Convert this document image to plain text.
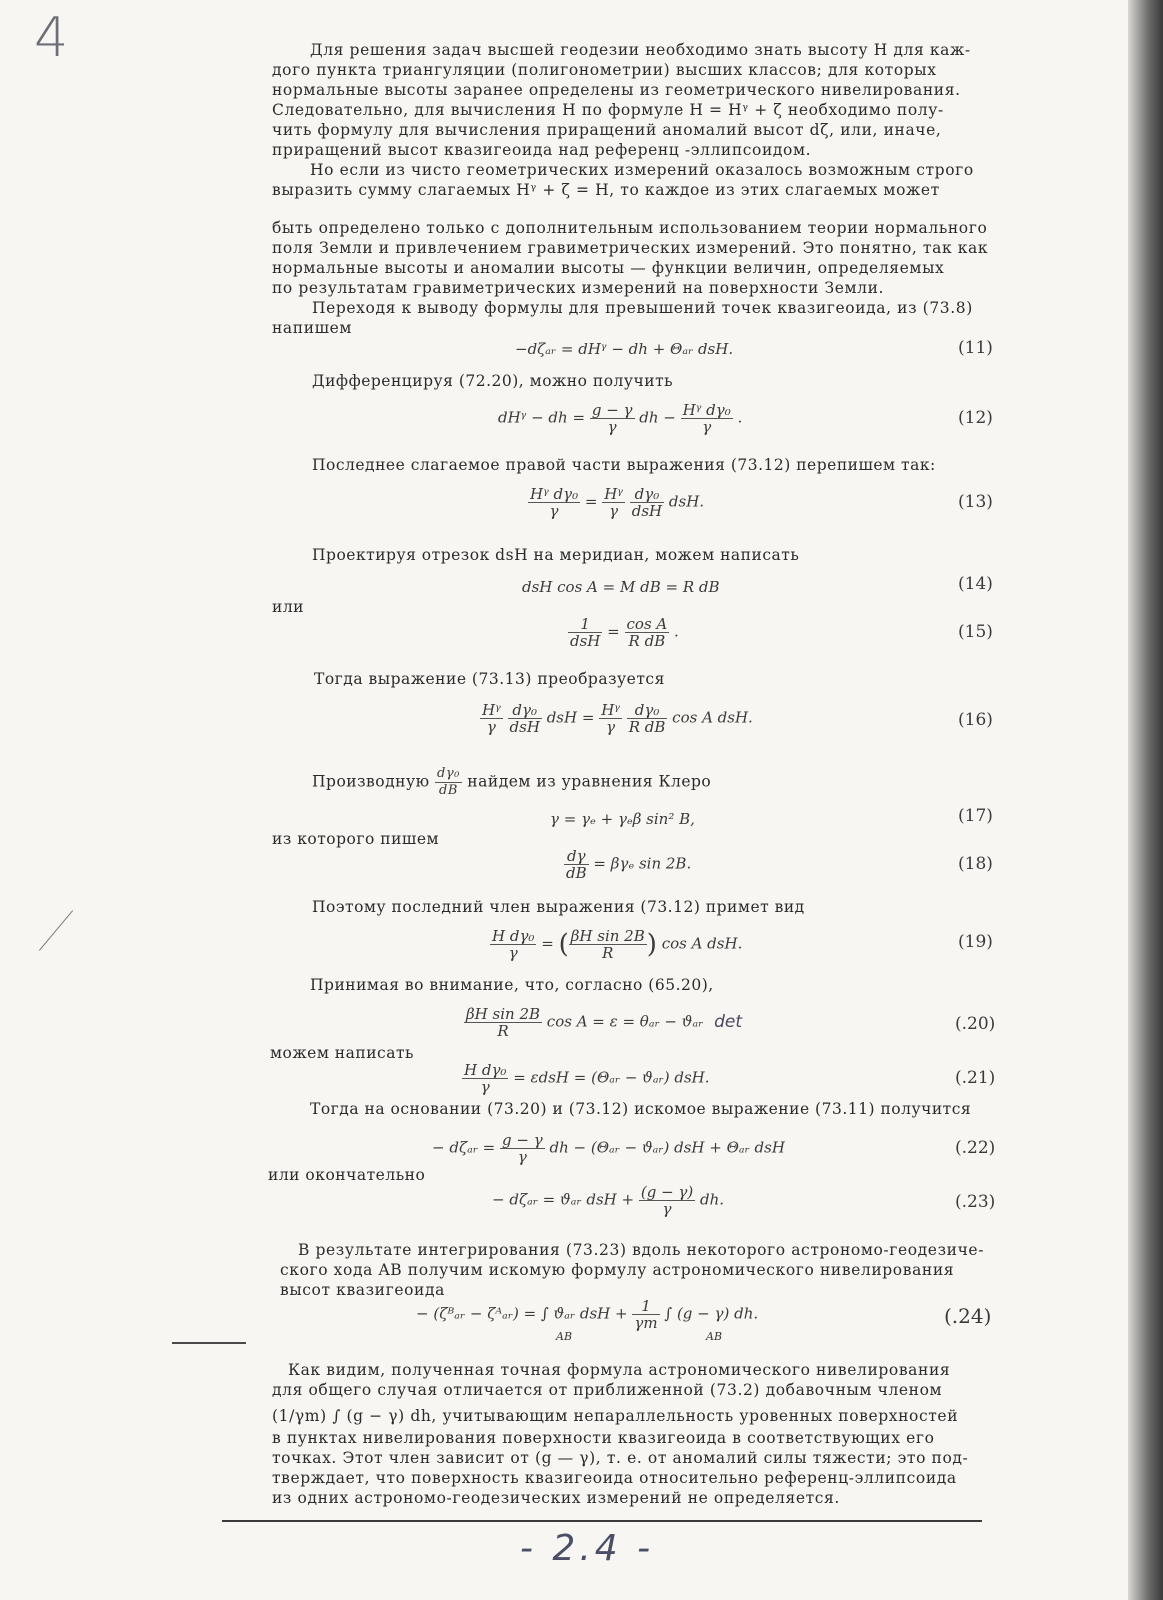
4	Для решения задач высшей геодезии необходимо знать высоту H для каж-
дого пункта триангуляции (полигонометрии) высших классов; для которых
нормальные высоты заранее определены из геометрического нивелирования.
Следовательно, для вычисления H по формуле H = Hᵞ + ζ необходимо полу-
чить формулу для вычисления приращений аномалий высот dζ, или, иначе,
приращений высот квазигеоида над референц -эллипсоидом.
Но если из чисто геометрических измерений оказалось возможным строго
выразить сумму слагаемых Hᵞ + ζ = H, то каждое из этих слагаемых может
быть определено только с дополнительным использованием теории нормального
поля Земли и привлечением гравиметрических измерений. Это понятно, так как
нормальные высоты и аномалии высоты — функции величин, определяемых
по результатам гравиметрических измерений на поверхности Земли.
Переходя к выводу формулы для превышений точек квазигеоида, из (73.8)
напишем
−dζₐᵣ = dHᵞ − dh + Θₐᵣ dsH.	(11)
Дифференцируя (72.20), можно получить
dHᵞ − dh = $\frac{g - \gamma}{\gamma}$ dh − $\frac{\text{Hᵞ dγ₀}}{\gamma}$ .	(12)
Последнее слагаемое правой части выражения (73.12) перепишем так:
$\frac{\text{Hᵞ dγ₀}}{\gamma} = \frac{\text{Hᵞ}}{\gamma}$
$\frac{\text{dγ₀}}{\text{dsH}}$ dsH.	(13)
Проектируя отрезок dsH на меридиан, можем написать
dsH cos A = M dB = R dB	(14)
или
$\frac{1}{\text{dsH}} = \frac{\text{cos A}}{\text{R dB}}$ .	(15)
Тогда выражение (73.13) преобразуется
$\frac{\text{Hᵞ}}{\gamma}$
$\frac{\text{dγ₀}}{\text{dsH}}$ dsH = $\frac{\text{Hᵞ}}{\gamma}$
$\frac{\text{dγ₀}}{\text{R dB}}$ cos A dsH.	(16)
Производную $\frac{\text{dγ₀}}{dB}$ найдем из уравнения Клеро
γ = γₑ + γₑβ sin² B,	(17)
из которого пишем
$\frac{d\gamma}{dB} = \beta\gamma_e$ sin 2B.	(18)
Поэтому последний член выражения (73.12) примет вид
$\frac{\text{H dγ₀}}{\gamma}$ = ( $\frac{\text{βH sin 2B}}{R}$ ) cos A dsH.	(19)
Принимая во внимание, что, согласно (65.20),
$\frac{\text{βH sin 2B}}{R}$ cos A = ε = θₐᵣ − ϑₐᵣ det	(.20)
можем написать
$\frac{\text{H dγ₀}}{\gamma} = \varepsilon dsH$ = (Θₐᵣ − ϑₐᵣ) dsH.	(.21)
Тогда на основании (73.20) и (73.12) искомое выражение (73.11) получится
− dζₐᵣ = $\frac{g - \gamma}{\gamma}$ dh − (Θₐᵣ − ϑₐᵣ) dsH + Θₐᵣ dsH	(.22)
или окончательно
− dζₐᵣ = ϑₐᵣ dsH + $\frac{(g - \gamma)}{\gamma}$ dh.	(.23)
В результате интегрирования (73.23) вдоль некоторого астрономо-геодезиче-
ского хода AB получим искомую формулу астрономического нивелирования
высот квазигеоида
− (ζᴮₐᵣ − ζᴬₐᵣ) = ∫ ϑₐᵣ dsH + $\frac{1}{\gamma m}$ ∫ (g − γ) dh.
AB	AB
(.24)
Как видим, полученная точная формула астрономического нивелирования
для общего случая отличается от приближенной (73.2) добавочным членом
(1/γm) ∫ (g − γ) dh, учитывающим непараллельность уровенных поверхностей
в пунктах нивелирования поверхности квазигеоида в соответствующих его
точках. Этот член зависит от (g — γ), т. е. от аномалий силы тяжести; это под-
тверждает, что поверхность квазигеоида относительно референц-эллипсоида
из одних астрономо-геодезических измерений не определяется.
- 2.4 -
